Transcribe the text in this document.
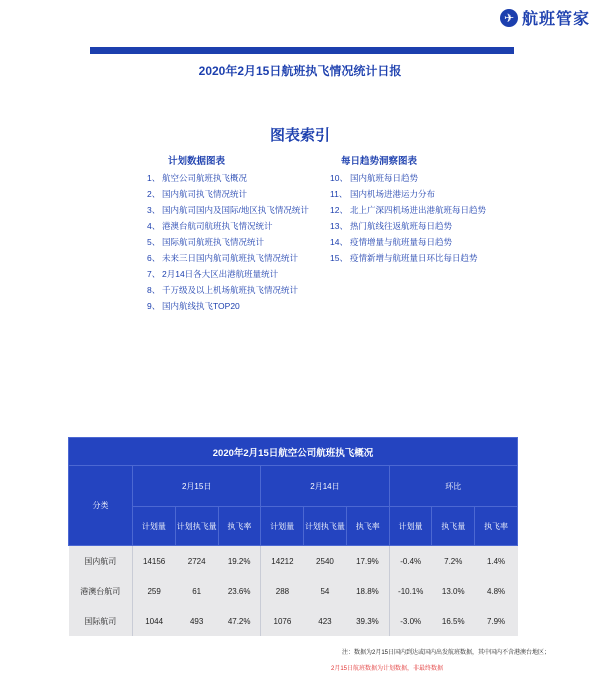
✈ 航班管家
2020年2月15日航班执飞情况统计日报
图表索引
计划数据图表
1、 航空公司航班执飞概况
2、 国内航司执飞情况统计
3、 国内航司国内及国际/地区执飞情况统计
4、 港澳台航司航班执飞情况统计
5、 国际航司航班执飞情况统计
6、 未来三日国内航司航班执飞情况统计
7、 2月14日各大区出港航班量统计
8、 千万级及以上机场航班执飞情况统计
9、 国内航线执飞TOP20
每日趋势洞察图表
10、 国内航班每日趋势
11、 国内机场进港运力分布
12、 北上广深四机场进出港航班每日趋势
13、 热门航线往返航班每日趋势
14、 疫情增量与航班量每日趋势
15、 疫情新增与航班量日环比每日趋势
2020年2月15日航空公司航班执飞概况									
分类	2月15日			2月14日			环比		
	计划量	计划执飞量	执飞率	计划量	计划执飞量	执飞率	计划量	执飞量	执飞率
国内航司	14156	2724	19.2%	14212	2540	17.9%	-0.4%	7.2%	1.4%
港澳台航司	259	61	23.6%	288	54	18.8%	-10.1%	13.0%	4.8%
国际航司	1044	493	47.2%	1076	423	39.3%	-3.0%	16.5%	7.9%
注：数据为2月15日国内到达或国内出发航班数据，其中国内不含港澳台地区；
2月15日航班数据为计划数据，非最终数据
